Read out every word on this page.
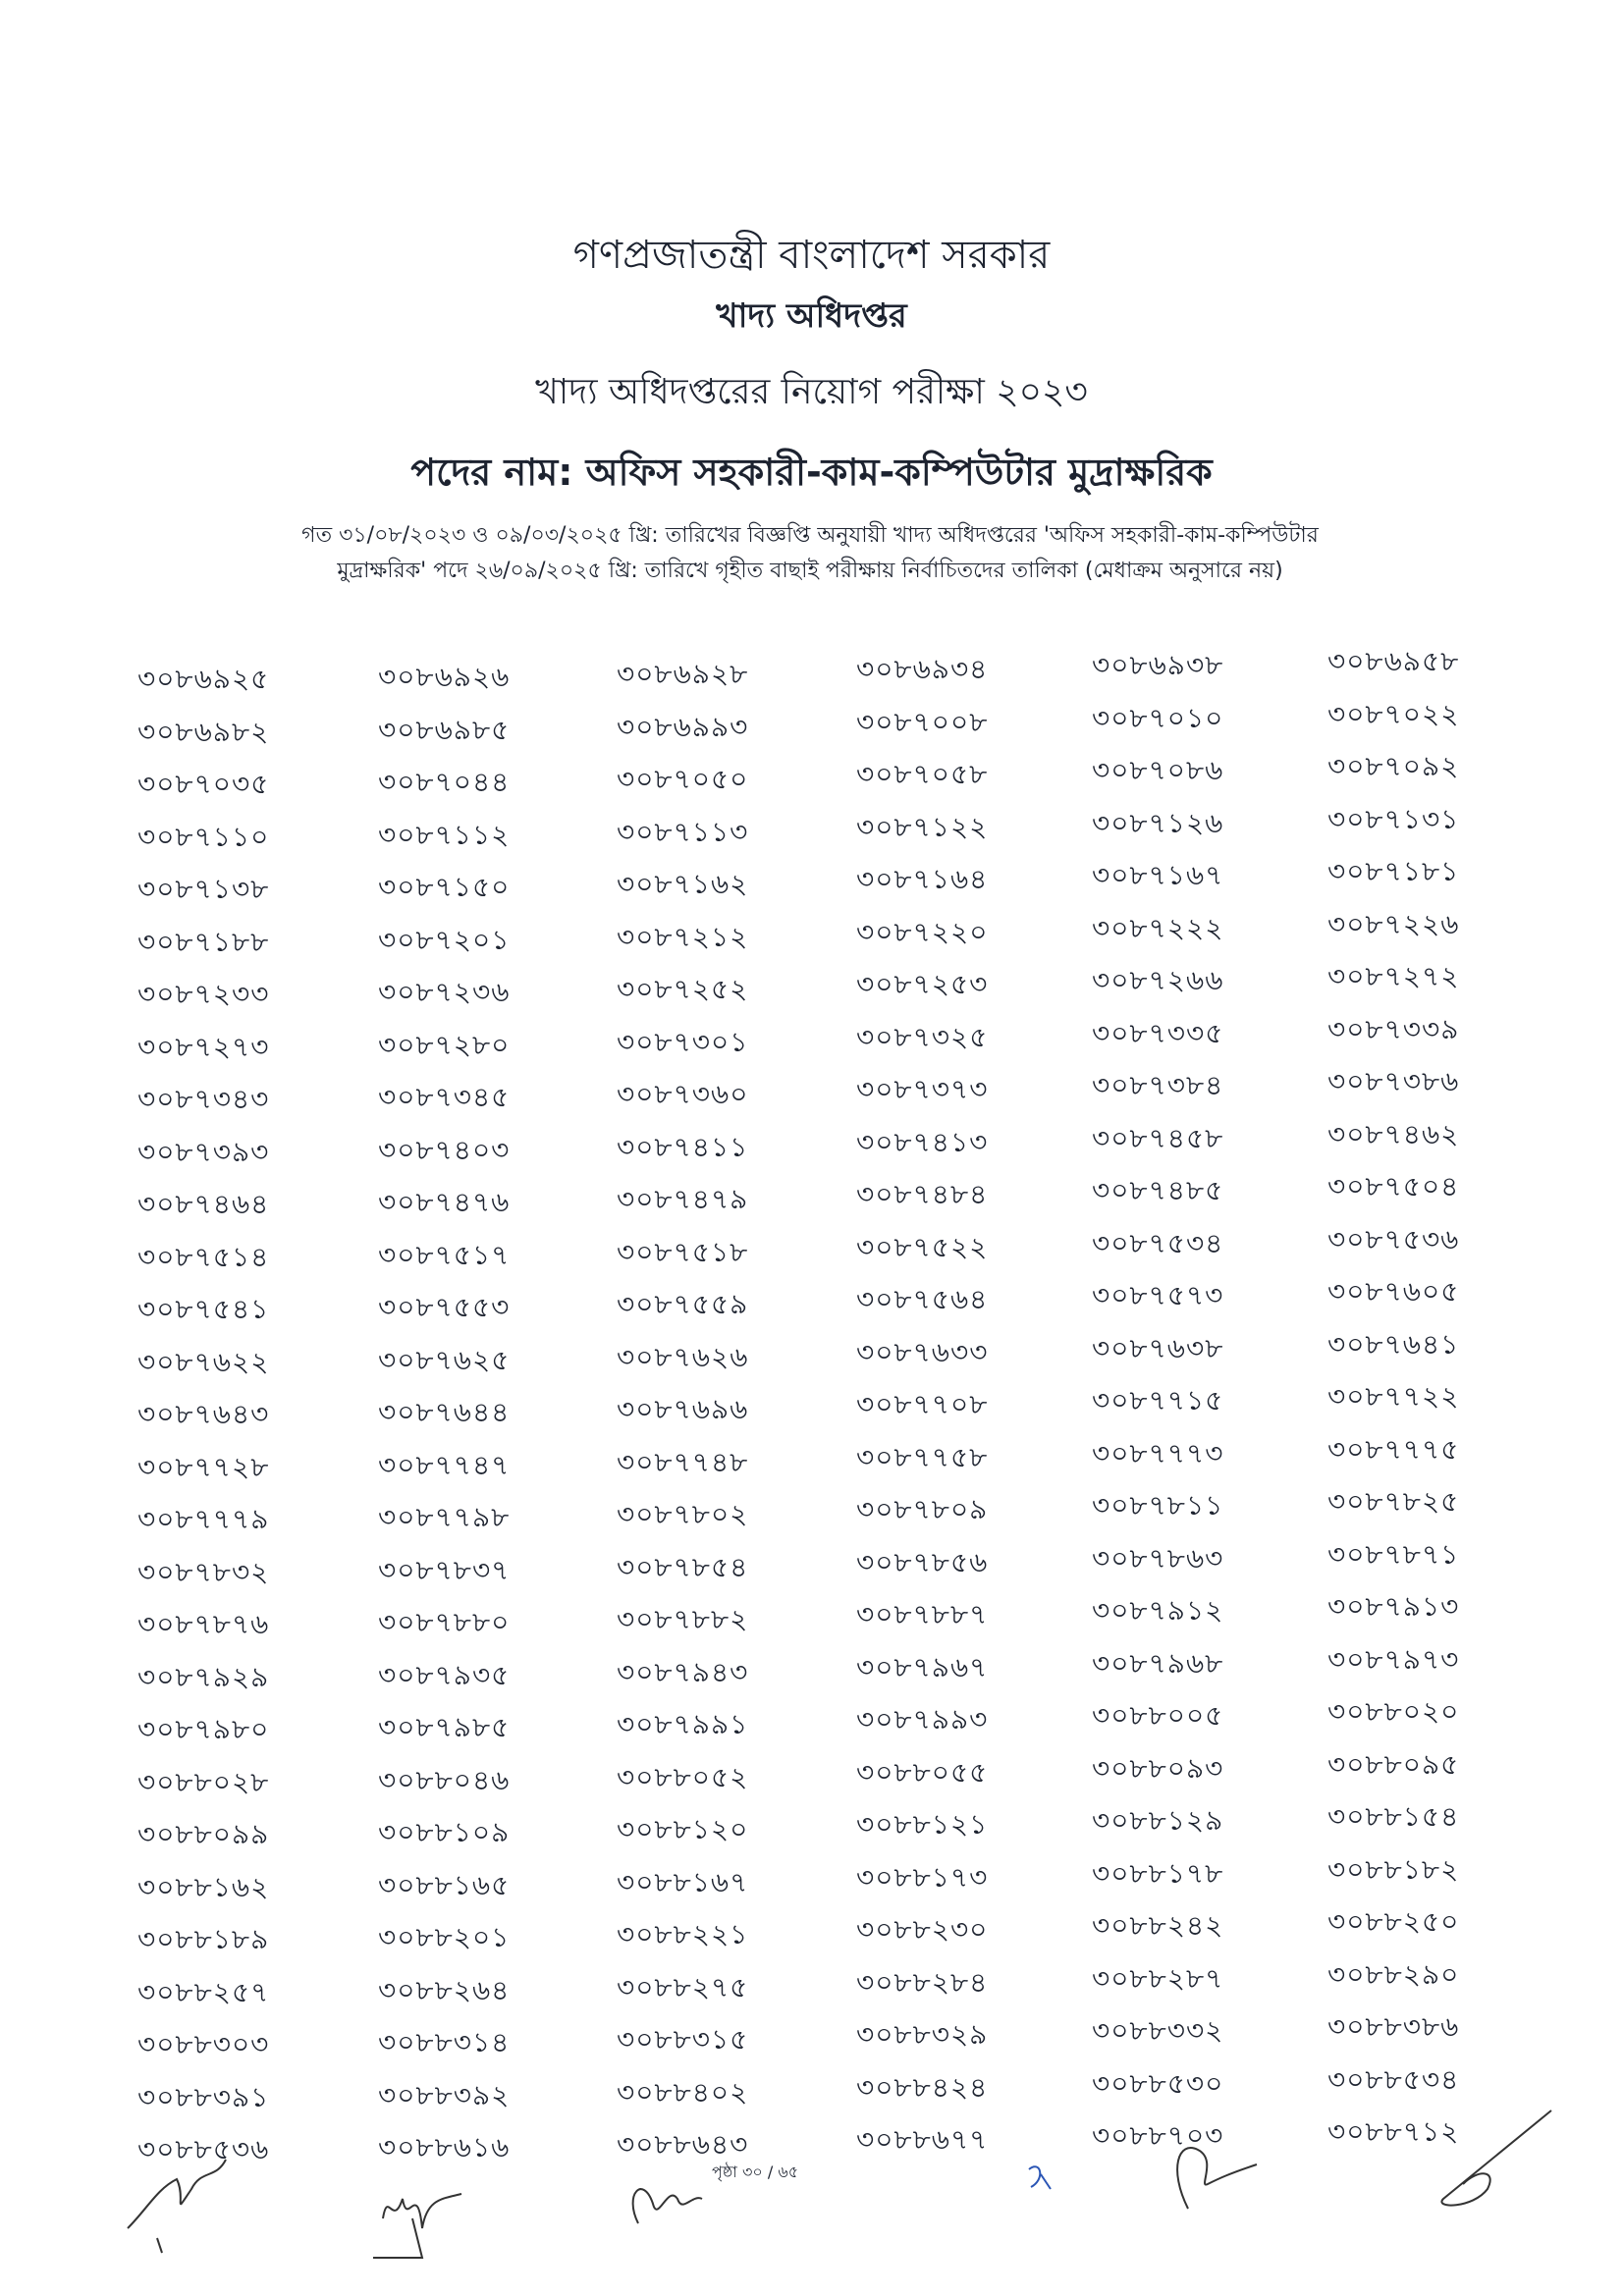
গণপ্রজাতন্ত্রী বাংলাদেশ সরকার
খাদ্য অধিদপ্তর
খাদ্য অধিদপ্তরের নিয়োগ পরীক্ষা ২০২৩
পদের নাম: অফিস সহকারী-কাম-কম্পিউটার মুদ্রাক্ষরিক
গত ৩১/০৮/২০২৩ ও ০৯/০৩/২০২৫ খ্রি: তারিখের বিজ্ঞপ্তি অনুযায়ী খাদ্য অধিদপ্তরের 'অফিস সহকারী-কাম-কম্পিউটার
মুদ্রাক্ষরিক' পদে ২৬/০৯/২০২৫ খ্রি: তারিখে গৃহীত বাছাই পরীক্ষায় নির্বাচিতদের তালিকা (মেধাক্রম অনুসারে নয়)
৩০৮৬৯২৫	৩০৮৬৯২৬	৩০৮৬৯২৮	৩০৮৬৯৩৪	৩০৮৬৯৩৮	৩০৮৬৯৫৮
৩০৮৬৯৮২	৩০৮৬৯৮৫	৩০৮৬৯৯৩	৩০৮৭০০৮	৩০৮৭০১০	৩০৮৭০২২
৩০৮৭০৩৫	৩০৮৭০৪৪	৩০৮৭০৫০	৩০৮৭০৫৮	৩০৮৭০৮৬	৩০৮৭০৯২
৩০৮৭১১০	৩০৮৭১১২	৩০৮৭১১৩	৩০৮৭১২২	৩০৮৭১২৬	৩০৮৭১৩১
৩০৮৭১৩৮	৩০৮৭১৫০	৩০৮৭১৬২	৩০৮৭১৬৪	৩০৮৭১৬৭	৩০৮৭১৮১
৩০৮৭১৮৮	৩০৮৭২০১	৩০৮৭২১২	৩০৮৭২২০	৩০৮৭২২২	৩০৮৭২২৬
৩০৮৭২৩৩	৩০৮৭২৩৬	৩০৮৭২৫২	৩০৮৭২৫৩	৩০৮৭২৬৬	৩০৮৭২৭২
৩০৮৭২৭৩	৩০৮৭২৮০	৩০৮৭৩০১	৩০৮৭৩২৫	৩০৮৭৩৩৫	৩০৮৭৩৩৯
৩০৮৭৩৪৩	৩০৮৭৩৪৫	৩০৮৭৩৬০	৩০৮৭৩৭৩	৩০৮৭৩৮৪	৩০৮৭৩৮৬
৩০৮৭৩৯৩	৩০৮৭৪০৩	৩০৮৭৪১১	৩০৮৭৪১৩	৩০৮৭৪৫৮	৩০৮৭৪৬২
৩০৮৭৪৬৪	৩০৮৭৪৭৬	৩০৮৭৪৭৯	৩০৮৭৪৮৪	৩০৮৭৪৮৫	৩০৮৭৫০৪
৩০৮৭৫১৪	৩০৮৭৫১৭	৩০৮৭৫১৮	৩০৮৭৫২২	৩০৮৭৫৩৪	৩০৮৭৫৩৬
৩০৮৭৫৪১	৩০৮৭৫৫৩	৩০৮৭৫৫৯	৩০৮৭৫৬৪	৩০৮৭৫৭৩	৩০৮৭৬০৫
৩০৮৭৬২২	৩০৮৭৬২৫	৩০৮৭৬২৬	৩০৮৭৬৩৩	৩০৮৭৬৩৮	৩০৮৭৬৪১
৩০৮৭৬৪৩	৩০৮৭৬৪৪	৩০৮৭৬৯৬	৩০৮৭৭০৮	৩০৮৭৭১৫	৩০৮৭৭২২
৩০৮৭৭২৮	৩০৮৭৭৪৭	৩০৮৭৭৪৮	৩০৮৭৭৫৮	৩০৮৭৭৭৩	৩০৮৭৭৭৫
৩০৮৭৭৭৯	৩০৮৭৭৯৮	৩০৮৭৮০২	৩০৮৭৮০৯	৩০৮৭৮১১	৩০৮৭৮২৫
৩০৮৭৮৩২	৩০৮৭৮৩৭	৩০৮৭৮৫৪	৩০৮৭৮৫৬	৩০৮৭৮৬৩	৩০৮৭৮৭১
৩০৮৭৮৭৬	৩০৮৭৮৮০	৩০৮৭৮৮২	৩০৮৭৮৮৭	৩০৮৭৯১২	৩০৮৭৯১৩
৩০৮৭৯২৯	৩০৮৭৯৩৫	৩০৮৭৯৪৩	৩০৮৭৯৬৭	৩০৮৭৯৬৮	৩০৮৭৯৭৩
৩০৮৭৯৮০	৩০৮৭৯৮৫	৩০৮৭৯৯১	৩০৮৭৯৯৩	৩০৮৮০০৫	৩০৮৮০২০
৩০৮৮০২৮	৩০৮৮০৪৬	৩০৮৮০৫২	৩০৮৮০৫৫	৩০৮৮০৯৩	৩০৮৮০৯৫
৩০৮৮০৯৯	৩০৮৮১০৯	৩০৮৮১২০	৩০৮৮১২১	৩০৮৮১২৯	৩০৮৮১৫৪
৩০৮৮১৬২	৩০৮৮১৬৫	৩০৮৮১৬৭	৩০৮৮১৭৩	৩০৮৮১৭৮	৩০৮৮১৮২
৩০৮৮১৮৯	৩০৮৮২০১	৩০৮৮২২১	৩০৮৮২৩০	৩০৮৮২৪২	৩০৮৮২৫০
৩০৮৮২৫৭	৩০৮৮২৬৪	৩০৮৮২৭৫	৩০৮৮২৮৪	৩০৮৮২৮৭	৩০৮৮২৯০
৩০৮৮৩০৩	৩০৮৮৩১৪	৩০৮৮৩১৫	৩০৮৮৩২৯	৩০৮৮৩৩২	৩০৮৮৩৮৬
৩০৮৮৩৯১	৩০৮৮৩৯২	৩০৮৮৪০২	৩০৮৮৪২৪	৩০৮৮৫৩০	৩০৮৮৫৩৪
৩০৮৮৫৩৬	৩০৮৮৬১৬	৩০৮৮৬৪৩	৩০৮৮৬৭৭	৩০৮৮৭০৩	৩০৮৮৭১২
পৃষ্ঠা ৩০ / ৬৫
